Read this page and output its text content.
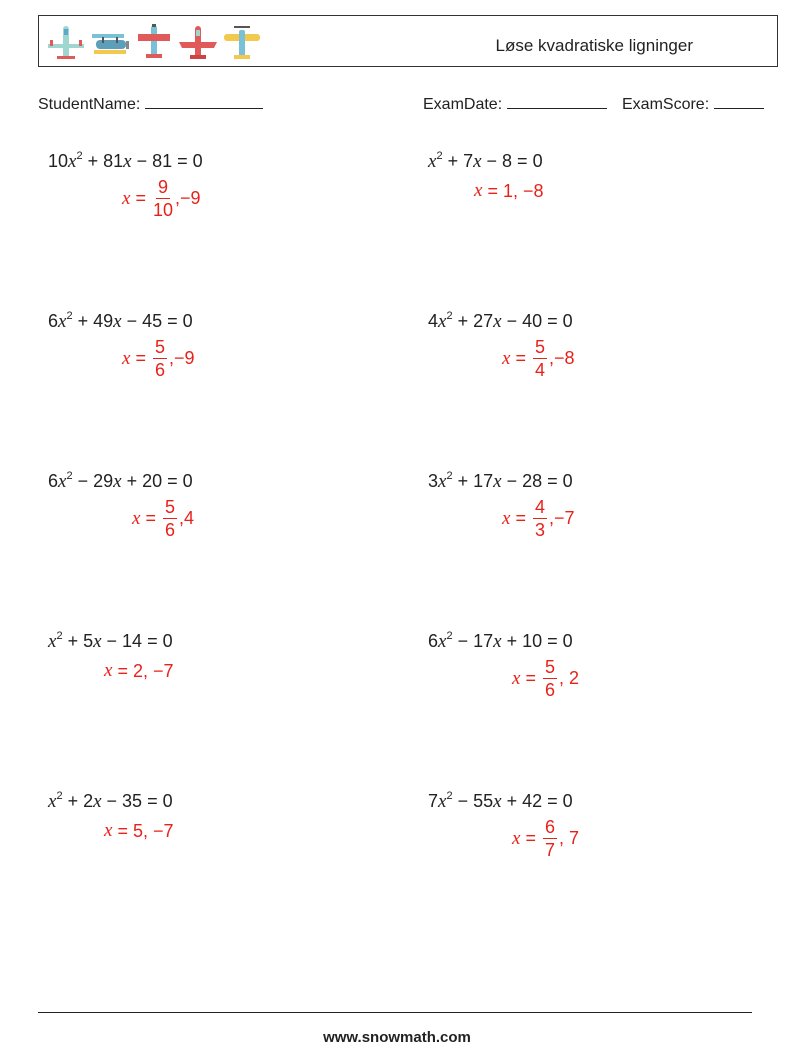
Løse kvadratiske ligninger
StudentName:	ExamDate:	ExamScore:
$10x^2 + 81x - 81 = 0$
$x = \frac{9}{10} ,-9$
$x^2 + 7x - 8 = 0$
x = 1, −8
$6x^2 + 49x - 45 = 0$
$x = \frac{5}{6} ,-9$
$4x^2 + 27x - 40 = 0$
$x = \frac{5}{4} ,-8$
$6x^2 - 29x + 20 = 0$
$x = \frac{5}{6} ,4$
$3x^2 + 17x - 28 = 0$
$x = \frac{4}{3} ,-7$
$x^2 + 5x - 14 = 0$
x = 2, −7
$6x^2 - 17x + 10 = 0$
$x = \frac{5}{6}$ , 2
$x^2 + 2x - 35 = 0$
x = 5, −7
$7x^2 - 55x + 42 = 0$
$x = \frac{6}{7}$ , 7
www.snowmath.com
